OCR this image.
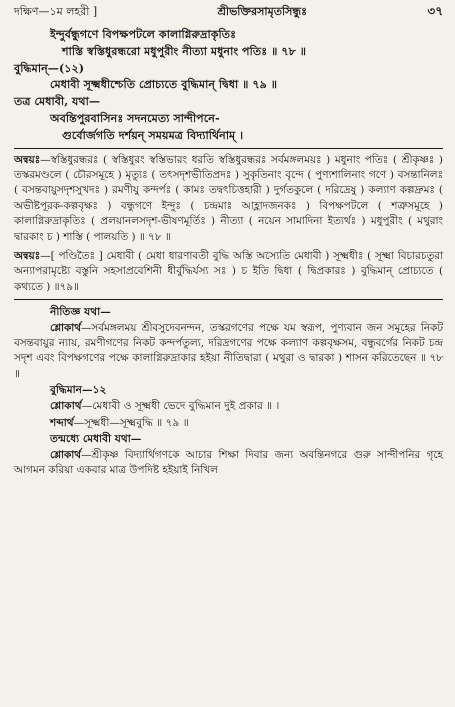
দক্ষিণ—১ম লহরী ]	শ্রীভক্তিরসামৃতসিন্ধুঃ	৩৭
ইন্দুর্বন্ধুগণে বিপক্ষপটলে কালাগ্নিরুদ্রাকৃতিঃ
শাস্তি স্বস্তিধুরন্ধরো মধুপুরীং নীত্যা মধুনাং পতিঃ ॥ ৭৮ ॥
বুদ্ধিমান্—(১২)
মেধাবী সূক্ষ্মধীশ্চেতি প্রোচ্যতে বুদ্ধিমান্ দ্বিধা ॥ ৭৯ ॥
তত্র মেধাবী, যথা—
অবন্তিপুরবাসিনঃ সদনমেত্য সান্দীপনে-
গুর্বোর্জগতি দর্শয়ন্ সময়মত্র বিদ্যার্থিনাম্ ।
অন্বয়ঃ—স্বস্তিধুরন্ধরঃ ( স্বস্তিধুরং স্বস্তিভারং ধরতি স্বস্তিধুরন্ধরঃ সর্বমঙ্গলময়ঃ ) মধুনাং পতিঃ ( শ্রীকৃষ্ণঃ ) তস্করমণ্ডলে ( চৌরসমূহে ) মৃত্যুঃ ( তৎসদৃশভীতিপ্রদঃ ) সুকৃতিনাং বৃন্দে ( পুণ্যশালিনাং গণে ) বসন্তানিলঃ ( বসন্তবায়ুসদৃশসুখদঃ ) রমণীযু কন্দর্পঃ ( কামঃ তদ্বৎচিত্তহারী ) দুর্গতকুলে ( দরিদ্রেষু ) কল্যাণ কল্পদ্রুমঃ ( অভীষ্টপূরক-কল্পবৃক্ষঃ ) বন্ধুগণে ইন্দুঃ ( চন্দ্রমাঃ আহ্লাদজনকঃ ) বিপক্ষপটলে ( শত্রুসমূহে ) কালাগ্নিরুদ্রাকৃতিঃ ( প্রলয়ানলসদৃশ-ভীষণমূর্তিঃ ) নীত্যা ( নয়েন সামাদিনা ইত্যর্থঃ ) মধুপুরীং ( মথুরাং দ্বারকাং চ ) শাস্তি ( পালয়তি ) ॥ ৭৮ ॥
অন্বয়ঃ—[ পণ্ডিতৈঃ ] মেধাবী ( মেধা ধারণাবতী বুদ্ধি অস্তি অস্যেতি মেধাবী ) সূক্ষ্মধীঃ ( সূক্ষ্মা বিচারচতুরা অন্যাপরামৃষ্ট্যে বস্তুনি সহসাপ্রবেশিনী ধীর্বুদ্ধির্যস্য সঃ ) চ ইতি দ্বিধা ( দ্বিপ্রকারঃ ) বুদ্ধিমান্ প্রোচ্যতে ( কথ্যতে ) ॥৭৯॥
নীতিজ্ঞ যথা—
শ্লোকার্থ—সর্বমঙ্গলময় শ্রীবসুদেবনন্দন, তস্করগণের পক্ষে যম স্বরূপ, পুণ্যবান জন সমূহের নিকট বসন্তবায়ুর ন্যায়, রমণীগণের নিকট কন্দর্পতুল্য, দরিদ্রগণের পক্ষে কল্যাণ কল্পবৃক্ষসম, বন্ধুবর্গের নিকট চন্দ্র সদৃশ এবং বিপক্ষগণের পক্ষে কালাগ্নিরুদ্রাকার হইয়া নীতিদ্বারা ( মথুরা ও দ্বারকা ) শাসন করিতেছেন ॥ ৭৮ ॥
বুদ্ধিমান—১২
শ্লোকার্থ—মেধাবী ও সূক্ষ্মধী ভেদে বুদ্ধিমান দুই প্রকার ॥ ।
শব্দার্থ—সূক্ষ্মধী—সূক্ষ্মবুদ্ধি ॥ ৭৯ ॥
তন্মধ্যে মেধাবী যথা—
শ্লোকার্থ—শ্রীকৃষ্ণ বিদ্যার্থিগণকে আচার শিক্ষা দিবার জন্য অবন্তিনগরে গুরু সান্দীপনির গৃহে আগমন করিয়া একবার মাত্র উপদিষ্ট হইয়াই নিখিল
